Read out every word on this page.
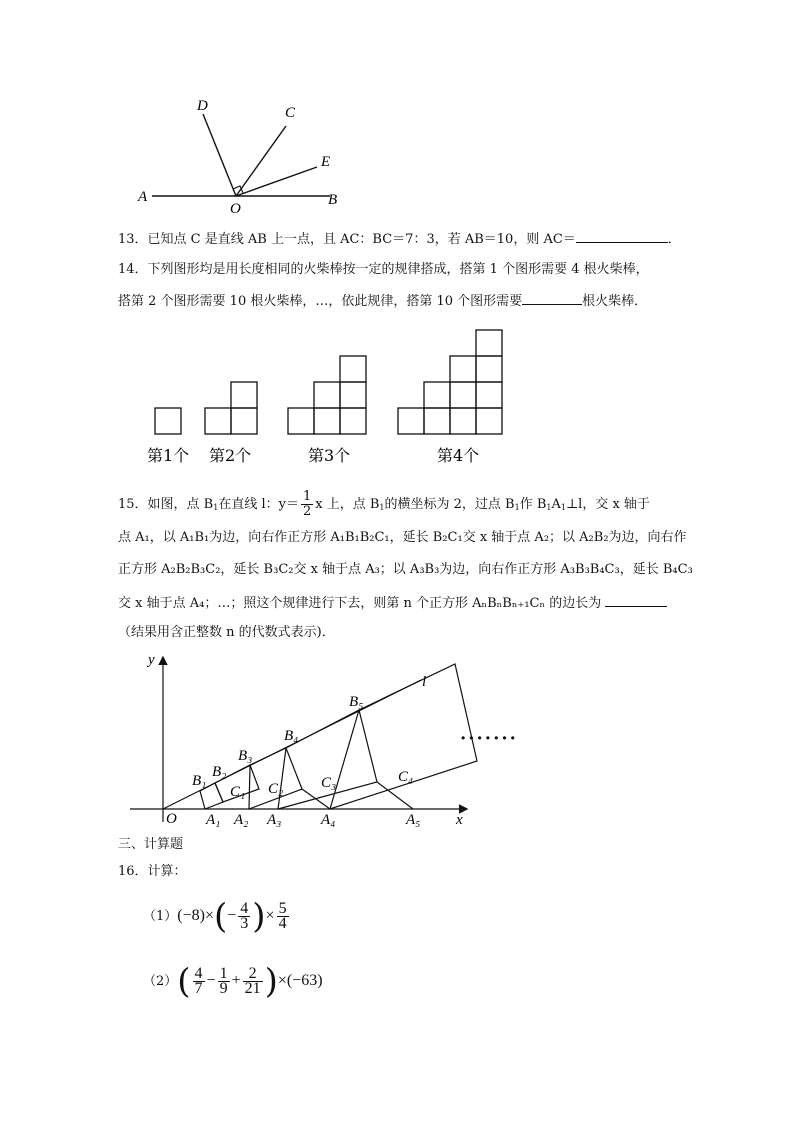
A	B
C
D
E
O
13．已知点 C 是直线 AB 上一点，且 AC：BC＝7：3，若 AB＝10，则 AC＝	．
14．下列图形均是用长度相同的火柴棒按一定的规律搭成，搭第 1 个图形需要 4 根火柴棒，
搭第 2 个图形需要 10 根火柴棒，…，依此规律，搭第 10 个图形需要	根火柴棒．
第1个 第2个	第3个	第4个
15．如图，点 $B_1$在直线 l：$y= \frac{1}{2}$ x 上，点 $B_1$的横坐标为 2，过点 $B_1$作 $B_1A_1\perp l$，交 x 轴于
点 A₁，以 A₁B₁为边，向右作正方形 A₁B₁B₂C₁，延长 B₂C₁交 x 轴于点 A₂；以 A₂B₂为边，向右作
正方形 A₂B₂B₃C₂，延长 B₃C₂交 x 轴于点 A₃；以 A₃B₃为边，向右作正方形 A₃B₃B₄C₃，延长 B₄C₃
交 x 轴于点 A₄；…；照这个规律进行下去，则第 n 个正方形 AₙBₙBₙ₊₁Cₙ 的边长为
（结果用含正整数 n 的代数式表示)．
y
x
O
l
B₁
B₂
B₃
B₄
B₅
C₁ C₂	C₃	C₄
A₁ A₂ A₃	A₄	A₅
·······
三、计算题
16．计算：
$(1)(-8)\times(- \frac{4}{3}$ )× $\frac{5}{4}$
$(2)( \frac{4}{7} - \frac{1}{9} + \frac{2}{21} )\times(-63)$
